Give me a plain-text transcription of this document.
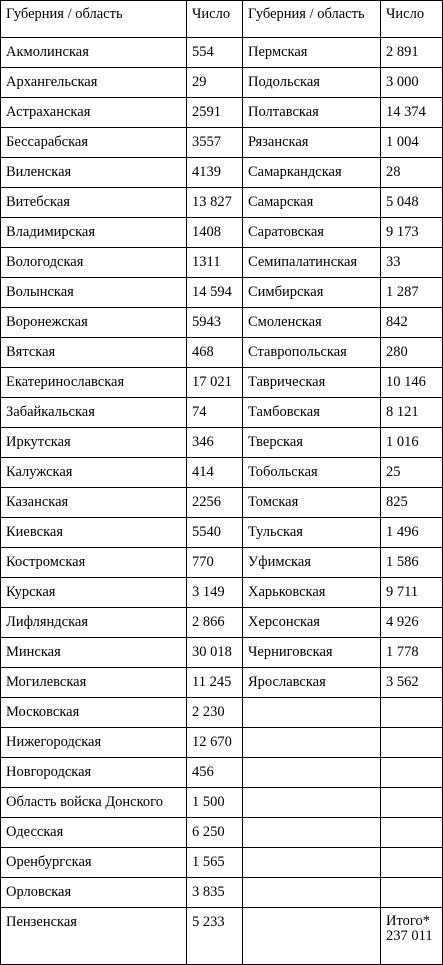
Губерния / область	Число	Губерния / область	Число
Акмолинская	554	Пермская	2 891
Архангельская	29	Подольская	3 000
Астраханская	2591	Полтавская	14 374
Бессарабская	3557	Рязанская	1 004
Виленская	4139	Самаркандская	28
Витебская	13 827	Самарская	5 048
Владимирская	1408	Саратовская	9 173
Вологодская	1311	Семипалатинская	33
Волынская	14 594	Симбирская	1 287
Воронежская	5943	Смоленская	842
Вятская	468	Ставропольская	280
Екатеринославская	17 021	Таврическая	10 146
Забайкальская	74	Тамбовская	8 121
Иркутская	346	Тверская	1 016
Калужская	414	Тобольская	25
Казанская	2256	Томская	825
Киевская	5540	Тульская	1 496
Костромская	770	Уфимская	1 586
Курская	3 149	Харьковская	9 711
Лифляндская	2 866	Херсонская	4 926
Минская	30 018	Черниговская	1 778
Могилевская	11 245	Ярославская	3 562
Московская	2 230		
Нижегородская	12 670		
Новгородская	456		
Область войска Донского	1 500		
Одесская	6 250		
Оренбургская	1 565		
Орловская	3 835		
Пензенская	5 233		Итого* 237 011
